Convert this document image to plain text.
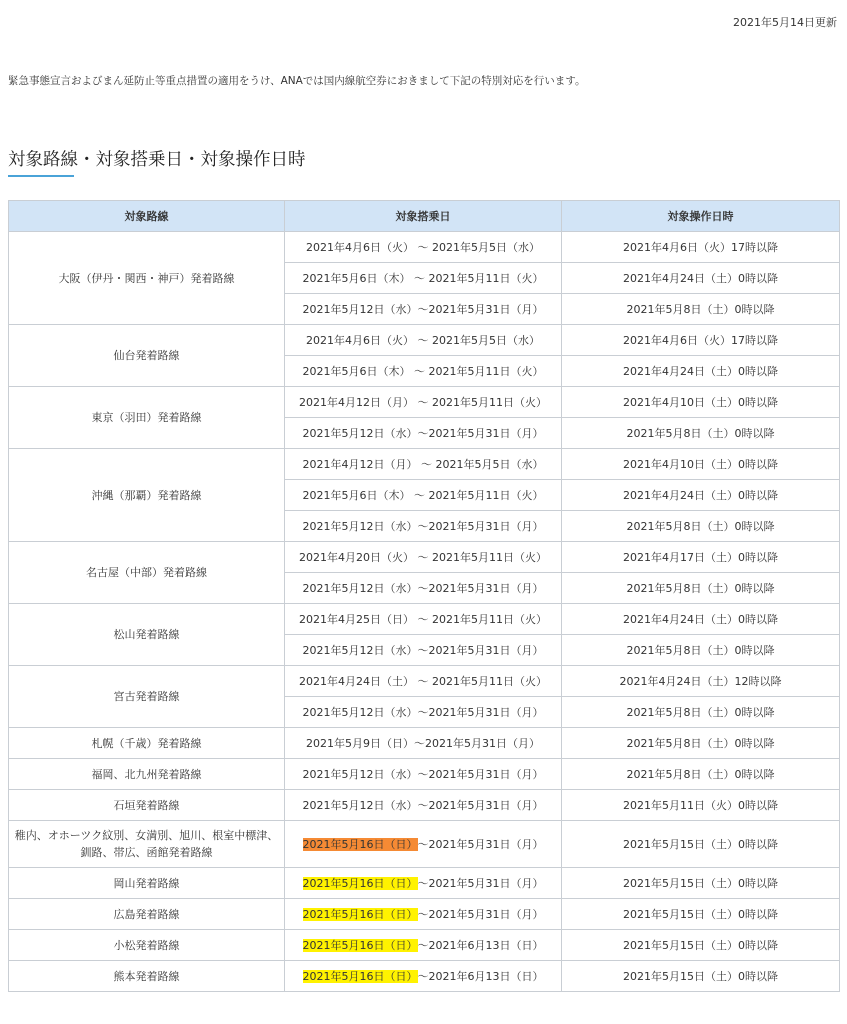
2021年5月14日更新
緊急事態宣言およびまん延防止等重点措置の適用をうけ、ANAでは国内線航空券におきまして下記の特別対応を行います。
対象路線・対象搭乗日・対象操作日時
対象路線	対象搭乗日	対象操作日時
大阪（伊丹・関西・神戸）発着路線	2021年4月6日（火） ～ 2021年5月5日（水）	2021年4月6日（火）17時以降
	2021年5月6日（木） ～ 2021年5月11日（火）	2021年4月24日（土）0時以降
	2021年5月12日（水）～2021年5月31日（月）	2021年5月8日（土）0時以降
仙台発着路線	2021年4月6日（火） ～ 2021年5月5日（水）	2021年4月6日（火）17時以降
	2021年5月6日（木） ～ 2021年5月11日（火）	2021年4月24日（土）0時以降
東京（羽田）発着路線	2021年4月12日（月） ～ 2021年5月11日（火）	2021年4月10日（土）0時以降
	2021年5月12日（水）～2021年5月31日（月）	2021年5月8日（土）0時以降
沖縄（那覇）発着路線	2021年4月12日（月） ～ 2021年5月5日（水）	2021年4月10日（土）0時以降
	2021年5月6日（木） ～ 2021年5月11日（火）	2021年4月24日（土）0時以降
	2021年5月12日（水）～2021年5月31日（月）	2021年5月8日（土）0時以降
名古屋（中部）発着路線	2021年4月20日（火） ～ 2021年5月11日（火）	2021年4月17日（土）0時以降
	2021年5月12日（水）～2021年5月31日（月）	2021年5月8日（土）0時以降
松山発着路線	2021年4月25日（日） ～ 2021年5月11日（火）	2021年4月24日（土）0時以降
	2021年5月12日（水）～2021年5月31日（月）	2021年5月8日（土）0時以降
宮古発着路線	2021年4月24日（土） ～ 2021年5月11日（火）	2021年4月24日（土）12時以降
	2021年5月12日（水）～2021年5月31日（月）	2021年5月8日（土）0時以降
札幌（千歳）発着路線	2021年5月9日（日）～2021年5月31日（月）	2021年5月8日（土）0時以降
福岡、北九州発着路線	2021年5月12日（水）～2021年5月31日（月）	2021年5月8日（土）0時以降
石垣発着路線	2021年5月12日（水）～2021年5月31日（月）	2021年5月11日（火）0時以降
稚内、オホーツク紋別、女満別、旭川、根室中標津、釧路、帯広、函館発着路線	2021年5月16日（日）～2021年5月31日（月）	2021年5月15日（土）0時以降
岡山発着路線	2021年5月16日（日）～2021年5月31日（月）	2021年5月15日（土）0時以降
広島発着路線	2021年5月16日（日）～2021年5月31日（月）	2021年5月15日（土）0時以降
小松発着路線	2021年5月16日（日）～2021年6月13日（日）	2021年5月15日（土）0時以降
熊本発着路線	2021年5月16日（日）～2021年6月13日（日）	2021年5月15日（土）0時以降
